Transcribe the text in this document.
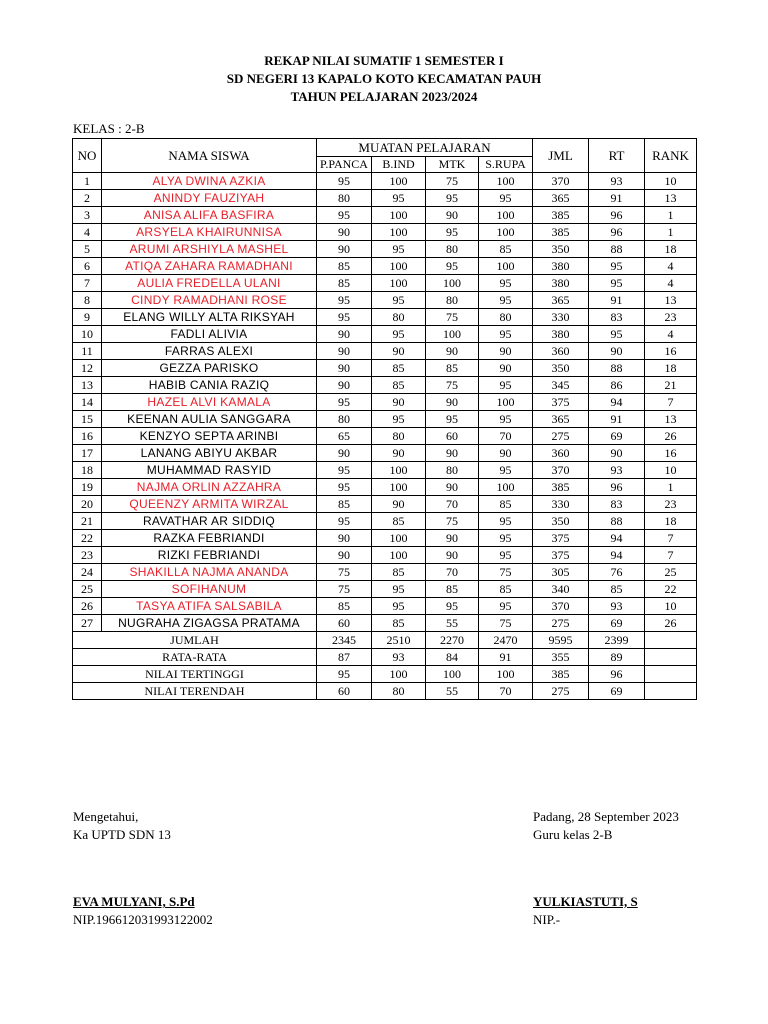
REKAP NILAI SUMATIF 1 SEMESTER I
SD NEGERI 13 KAPALO KOTO KECAMATAN PAUH
TAHUN PELAJARAN 2023/2024
KELAS : 2-B
NO	NAMA SISWA	MUATAN PELAJARAN				JML	RT	RANK
		P.PANCA	B.IND	MTK	S.RUPA			
1	ALYA DWINA AZKIA	95	100	75	100	370	93	10
2	ANINDY FAUZIYAH	80	95	95	95	365	91	13
3	ANISA ALIFA BASFIRA	95	100	90	100	385	96	1
4	ARSYELA KHAIRUNNISA	90	100	95	100	385	96	1
5	ARUMI ARSHIYLA MASHEL	90	95	80	85	350	88	18
6	ATIQA ZAHARA RAMADHANI	85	100	95	100	380	95	4
7	AULIA FREDELLA ULANI	85	100	100	95	380	95	4
8	CINDY RAMADHANI ROSE	95	95	80	95	365	91	13
9	ELANG WILLY ALTA RIKSYAH	95	80	75	80	330	83	23
10	FADLI ALIVIA	90	95	100	95	380	95	4
11	FARRAS ALEXI	90	90	90	90	360	90	16
12	GEZZA PARISKO	90	85	85	90	350	88	18
13	HABIB CANIA RAZIQ	90	85	75	95	345	86	21
14	HAZEL ALVI KAMALA	95	90	90	100	375	94	7
15	KEENAN AULIA SANGGARA	80	95	95	95	365	91	13
16	KENZYO SEPTA ARINBI	65	80	60	70	275	69	26
17	LANANG ABIYU AKBAR	90	90	90	90	360	90	16
18	MUHAMMAD RASYID	95	100	80	95	370	93	10
19	NAJMA ORLIN AZZAHRA	95	100	90	100	385	96	1
20	QUEENZY ARMITA WIRZAL	85	90	70	85	330	83	23
21	RAVATHAR AR SIDDIQ	95	85	75	95	350	88	18
22	RAZKA FEBRIANDI	90	100	90	95	375	94	7
23	RIZKI FEBRIANDI	90	100	90	95	375	94	7
24	SHAKILLA NAJMA ANANDA	75	85	70	75	305	76	25
25	SOFIHANUM	75	95	85	85	340	85	22
26	TASYA ATIFA SALSABILA	85	95	95	95	370	93	10
27	NUGRAHA ZIGAGSA PRATAMA	60	85	55	75	275	69	26
JUMLAH		2345	2510	2270	2470	9595	2399	
RATA-RATA		87	93	84	91	355	89	
NILAI TERTINGGI		95	100	100	100	385	96	
NILAI TERENDAH		60	80	55	70	275	69	
Mengetahui,
Ka UPTD SDN 13
EVA MULYANI, S.Pd
NIP.196612031993122002
Padang, 28 September 2023
Guru kelas 2-B
YULKIASTUTI, S
NIP.-
